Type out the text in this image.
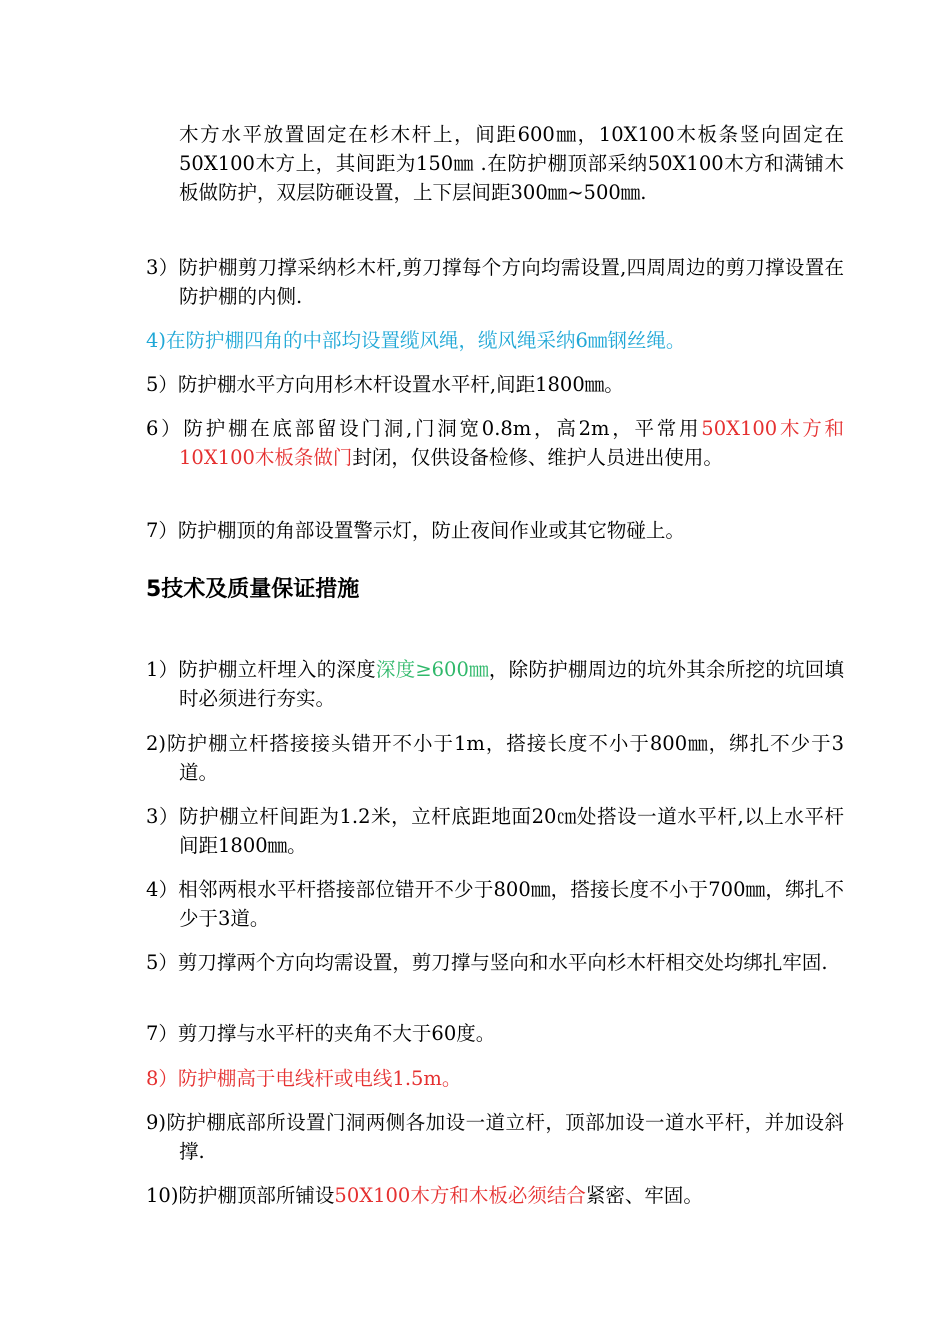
木方水平放置固定在杉木杆上，间距600㎜，10X100木板条竖向固定在50X100木方上，其间距为150㎜ .在防护棚顶部采纳50X100木方和满铺木板做防护，双层防砸设置，上下层间距300㎜~500㎜.
3）防护棚剪刀撑采纳杉木杆,剪刀撑每个方向均需设置,四周周边的剪刀撑设置在防护棚的内侧.
4)在防护棚四角的中部均设置缆风绳，缆风绳采纳6㎜钢丝绳。
5）防护棚水平方向用杉木杆设置水平杆,间距1800㎜。
6）防护棚在底部留设门洞,门洞宽0.8m，高2m，平常用50X100木方和10X100木板条做门封闭，仅供设备检修、维护人员进出使用。
7）防护棚顶的角部设置警示灯，防止夜间作业或其它物碰上。
5技术及质量保证措施
1）防护棚立杆埋入的深度深度≥600㎜，除防护棚周边的坑外其余所挖的坑回填时必须进行夯实。
2)防护棚立杆搭接接头错开不小于1m，搭接长度不小于800㎜，绑扎不少于3道。
3）防护棚立杆间距为1.2米，立杆底距地面20㎝处搭设一道水平杆,以上水平杆间距1800㎜。
4）相邻两根水平杆搭接部位错开不少于800㎜，搭接长度不小于700㎜，绑扎不少于3道。
5）剪刀撑两个方向均需设置，剪刀撑与竖向和水平向杉木杆相交处均绑扎牢固.
7）剪刀撑与水平杆的夹角不大于60度。
8）防护棚高于电线杆或电线1.5m。
9)防护棚底部所设置门洞两侧各加设一道立杆，顶部加设一道水平杆，并加设斜撑.
10)防护棚顶部所铺设50X100木方和木板必须结合紧密、牢固。
